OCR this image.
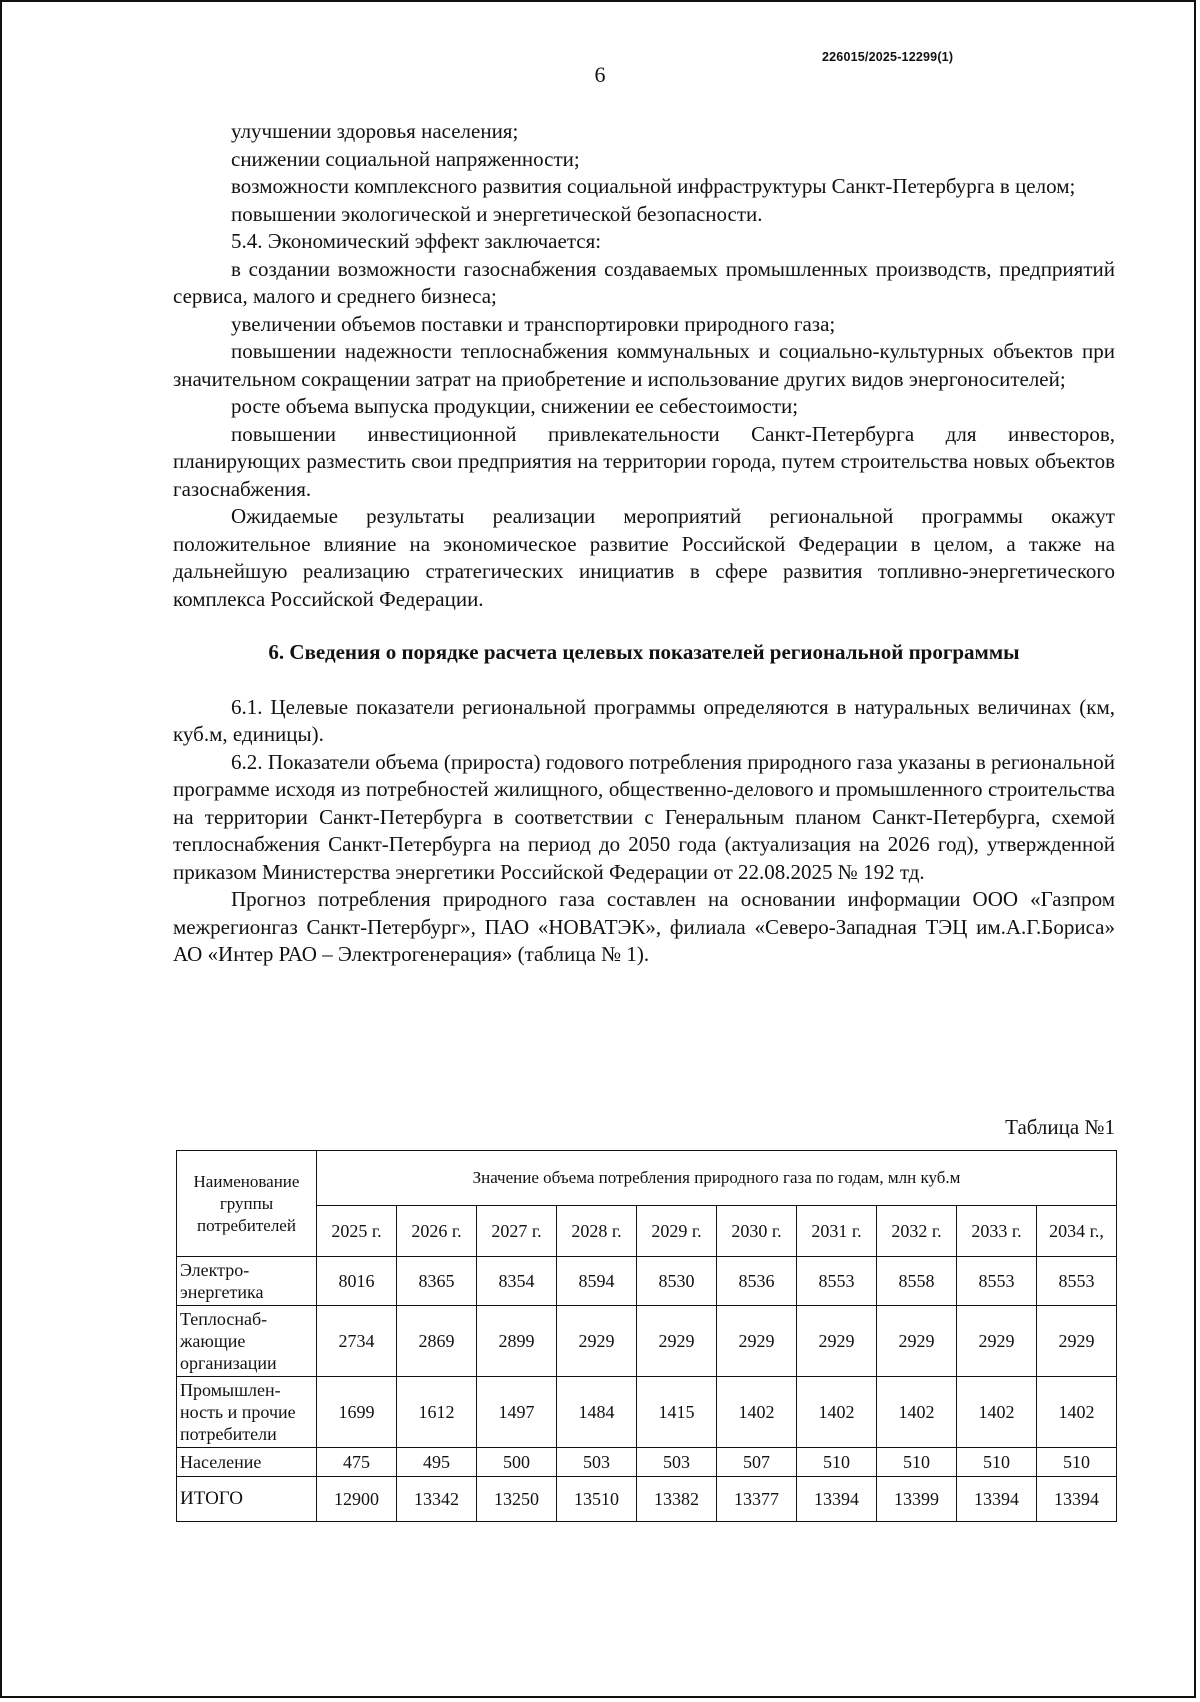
226015/2025-12299(1)
6

улучшении здоровья населения;

снижении социальной напряженности;

возможности комплексного развития социальной инфраструктуры Санкт-Петербурга в целом;

повышении экологической и энергетической безопасности.

5.4. Экономический эффект заключается:

в создании возможности газоснабжения создаваемых промышленных производств, предприятий сервиса, малого и среднего бизнеса;

увеличении объемов поставки и транспортировки природного газа;

повышении надежности теплоснабжения коммунальных и социально-культурных объектов при значительном сокращении затрат на приобретение и использование других видов энергоносителей;

росте объема выпуска продукции, снижении ее себестоимости;

повышении инвестиционной привлекательности Санкт-Петербурга для инвесторов, планирующих разместить свои предприятия на территории города, путем строительства новых объектов газоснабжения.

Ожидаемые результаты реализации мероприятий региональной программы окажут положительное влияние на экономическое развитие Российской Федерации в целом, а также на дальнейшую реализацию стратегических инициатив в сфере развития топливно-энергетического комплекса Российской Федерации.

6. Сведения о порядке расчета целевых показателей региональной программы

6.1. Целевые показатели региональной программы определяются в натуральных величинах (км, куб.м, единицы).

6.2. Показатели объема (прироста) годового потребления природного газа указаны в региональной программе исходя из потребностей жилищного, общественно-делового и промышленного строительства на территории Санкт-Петербурга в соответствии с Генеральным планом Санкт-Петербурга, схемой теплоснабжения Санкт-Петербурга на период до 2050 года (актуализация на 2026 год), утвержденной приказом Министерства энергетики Российской Федерации от 22.08.2025 № 192 тд.

Прогноз потребления природного газа составлен на основании информации ООО «Газпром межрегионгаз Санкт-Петербург», ПАО «НОВАТЭК», филиала «Северо-Западная ТЭЦ им.А.Г.Бориса» АО «Интер РАО – Электрогенерация» (таблица № 1).

Таблица №1
Наименование группы потребителей	Значение объема потребления природного газа по годам, млн куб.м									
	2025 г.	2026 г.	2027 г.	2028 г.	2029 г.	2030 г.	2031 г.	2032 г.	2033 г.	2034 г.,
Электро-энергетика	8016	8365	8354	8594	8530	8536	8553	8558	8553	8553
Теплоснаб-жающие организации	2734	2869	2899	2929	2929	2929	2929	2929	2929	2929
Промышлен-ность и прочие потребители	1699	1612	1497	1484	1415	1402	1402	1402	1402	1402
Население	475	495	500	503	503	507	510	510	510	510
ИТОГО	12900	13342	13250	13510	13382	13377	13394	13399	13394	13394
